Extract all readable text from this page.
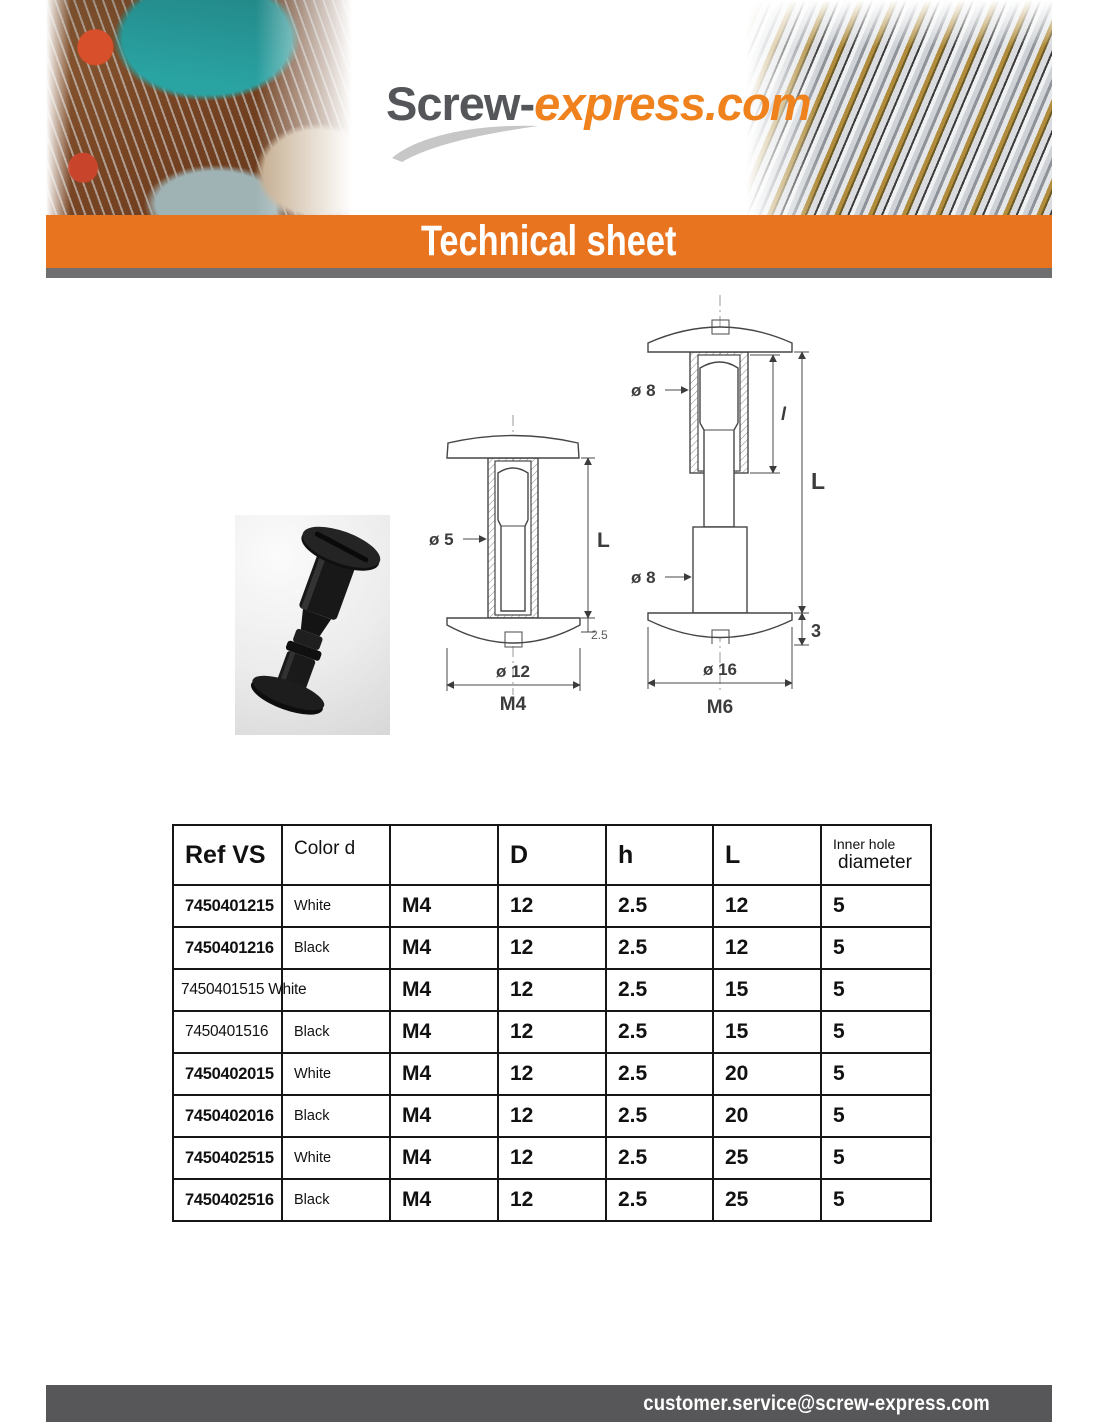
Screw-express.com
Technical sheet
ø 5	L
2.5
ø 12
M4
ø 8
l
L
ø 8
3
ø 16
M6
Ref VS	Color d		D	h	L	Inner hole
diameter

7450401215	White	M4	12	2.5	12	5
7450401216	Black	M4	12	2.5	12	5
7450401515 White		M4	12	2.5	15	5
7450401516	Black	M4	12	2.5	15	5
7450402015	White	M4	12	2.5	20	5
7450402016	Black	M4	12	2.5	20	5
7450402515	White	M4	12	2.5	25	5
7450402516	Black	M4	12	2.5	25	5
customer.service@screw-express.com
